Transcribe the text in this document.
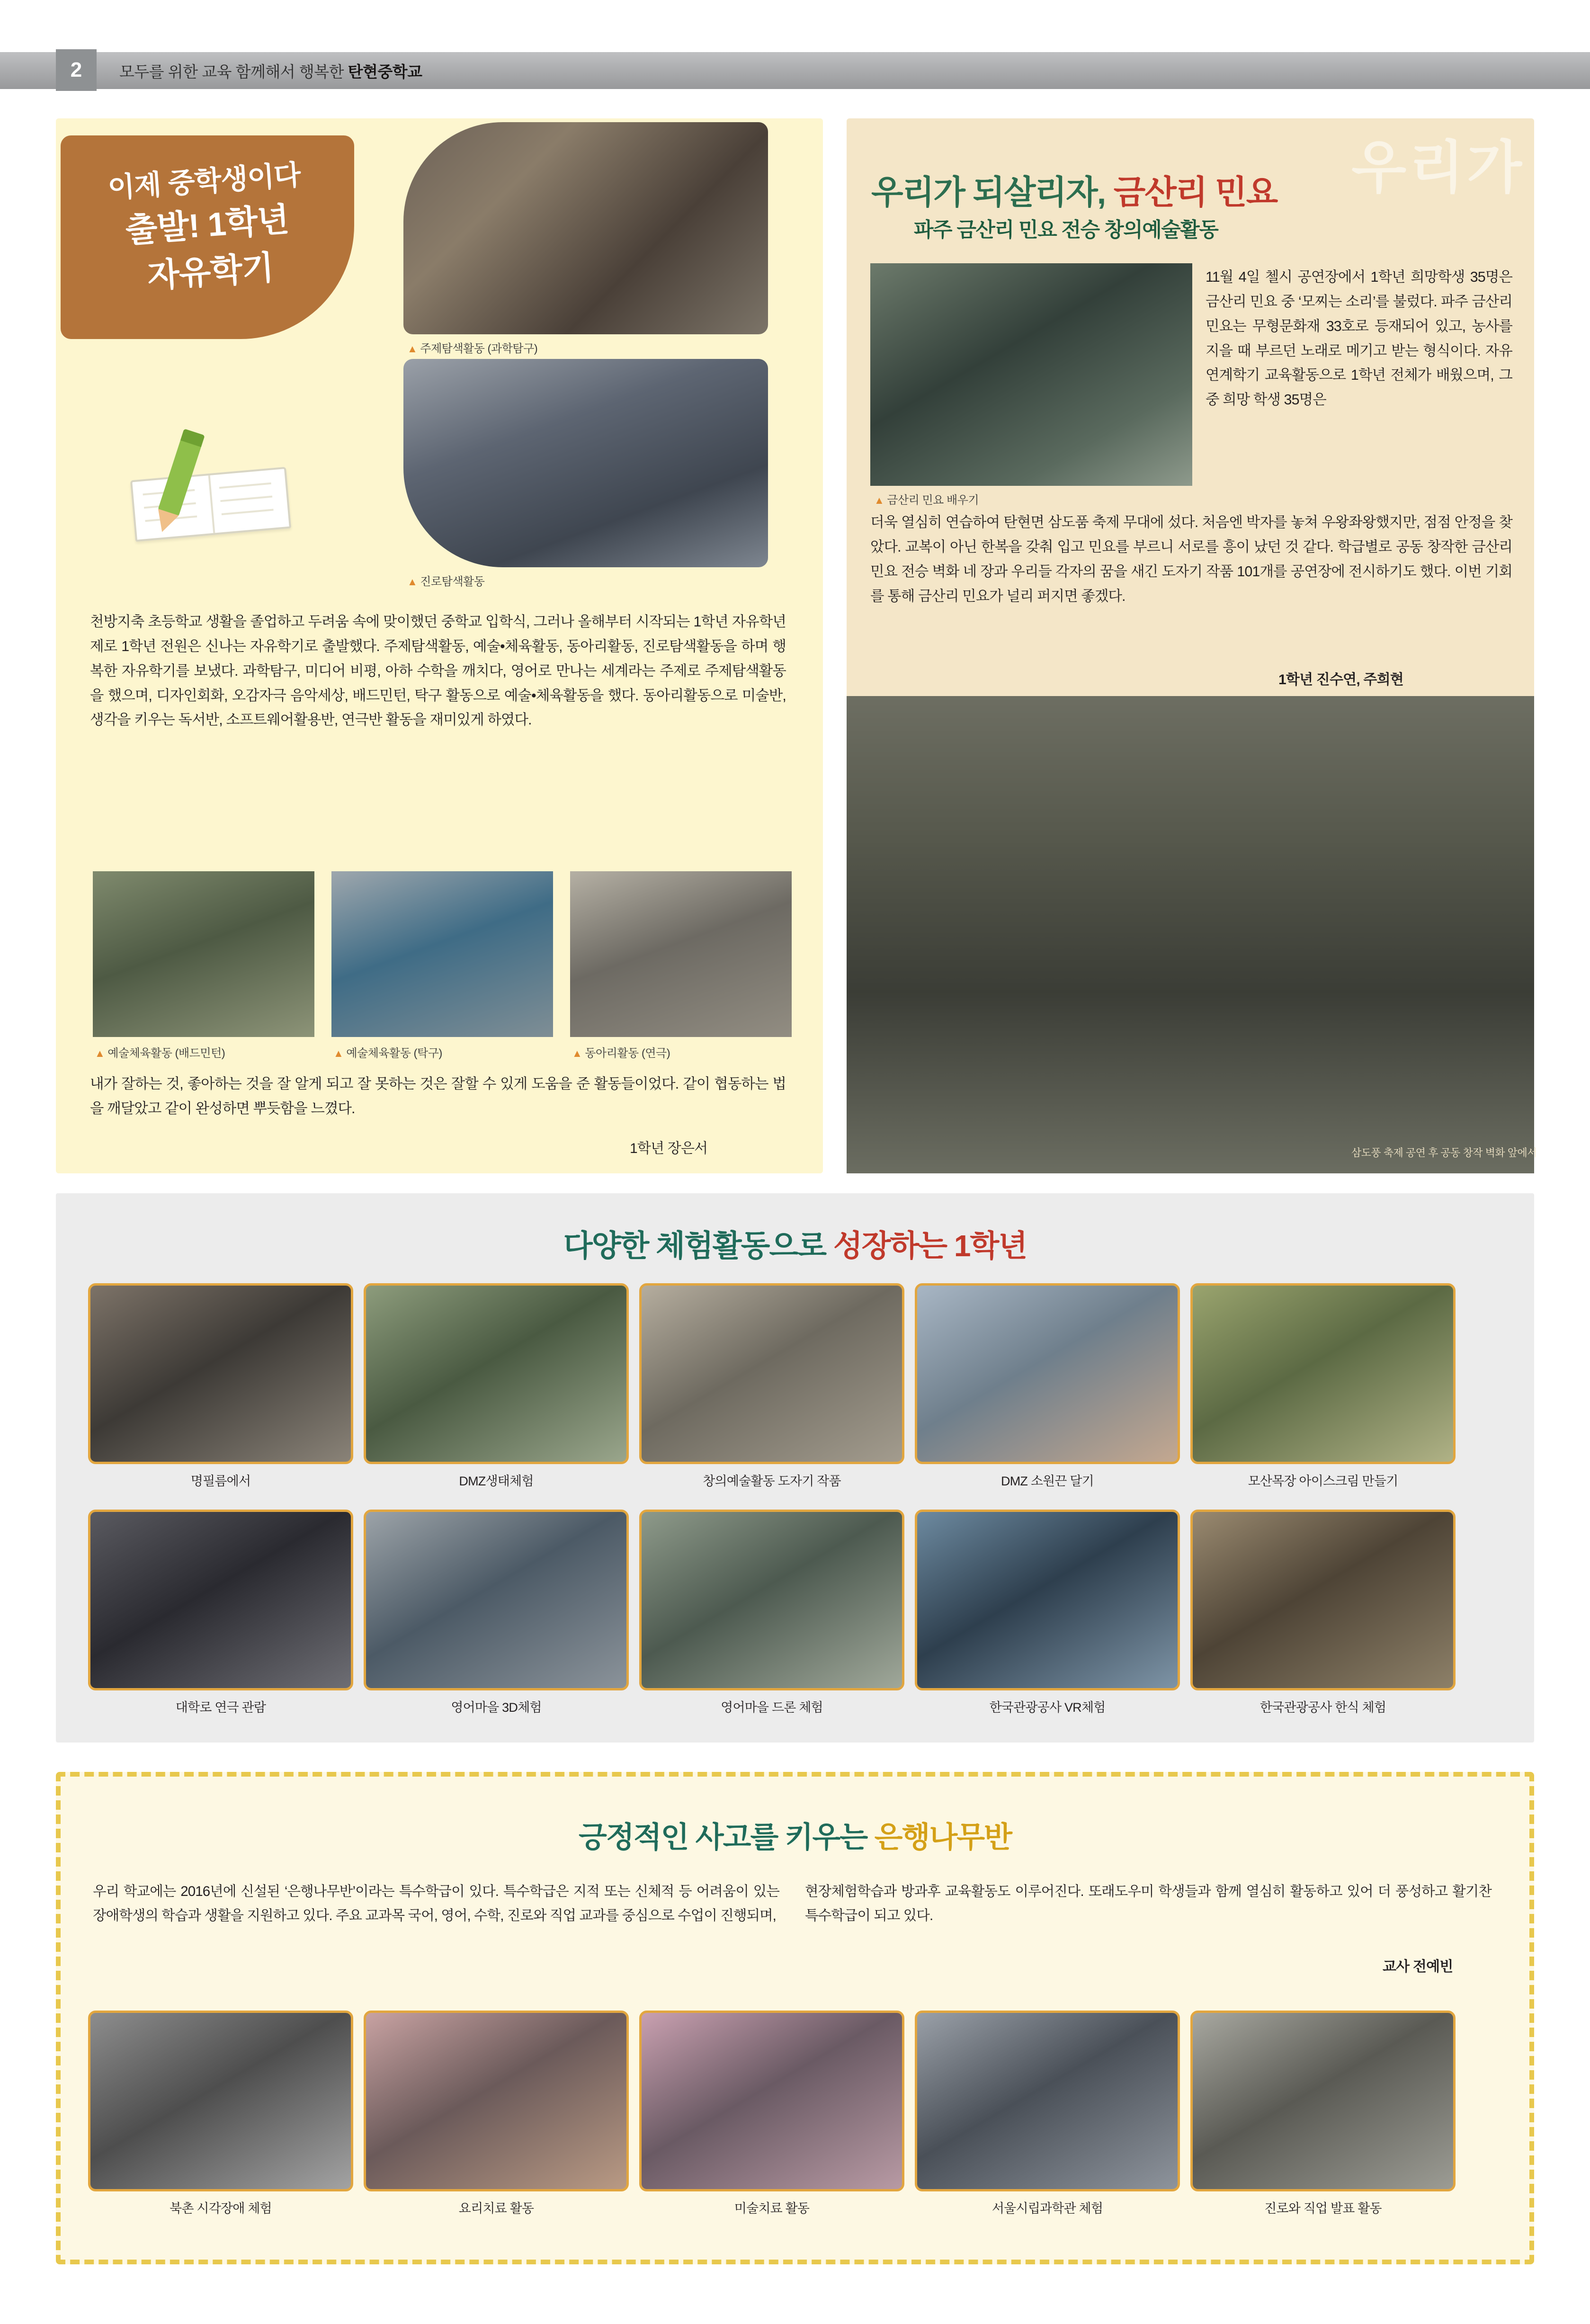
2	모두를 위한 교육 함께해서 행복한 탄현중학교
이제 중학생이다
출발! 1학년
자유학기
▲ 주제탐색활동 (과학탐구)
▲ 진로탐색활동
천방지축 초등학교 생활을 졸업하고 두려움 속에 맞이했던 중학교 입학식, 그러나 올해부터 시작되는 1학년 자유학년제로 1학년 전원은 신나는 자유학기로 출발했다. 주제탐색활동, 예술•체육활동, 동아리활동, 진로탐색활동을 하며 행복한 자유학기를 보냈다. 과학탐구, 미디어 비평, 아하 수학을 깨치다, 영어로 만나는 세계라는 주제로 주제탐색활동을 했으며, 디자인회화, 오감자극 음악세상, 배드민턴, 탁구 활동으로 예술•체육활동을 했다. 동아리활동으로 미술반, 생각을 키우는 독서반, 소프트웨어활용반, 연극반 활동을 재미있게 하였다.
▲ 예술체육활동 (배드민턴)	▲ 예술체육활동 (탁구)	▲ 동아리활동 (연극)
내가 잘하는 것, 좋아하는 것을 잘 알게 되고 잘 못하는 것은 잘할 수 있게 도움을 준 활동들이었다. 같이 협동하는 법을 깨달았고 같이 완성하면 뿌듯함을 느꼈다.
1학년 장은서
우리가
우리가 되살리자, 금산리 민요
파주 금산리 민요 전승 창의예술활동
▲ 금산리 민요 배우기
11월 4일 첼시 공연장에서 1학년 희망학생 35명은 금산리 민요 중 ‘모찌는 소리’를 불렀다. 파주 금산리 민요는 무형문화재 33호로 등재되어 있고, 농사를 지을 때 부르던 노래로 메기고 받는 형식이다. 자유연계학기 교육활동으로 1학년 전체가 배웠으며, 그 중 희망 학생 35명은
더욱 열심히 연습하여 탄현면 삼도품 축제 무대에 섰다. 처음엔 박자를 놓쳐 우왕좌왕했지만, 점점 안정을 찾았다. 교복이 아닌 한복을 갖춰 입고 민요를 부르니 서로를 흥이 났던 것 같다. 학급별로 공동 창작한 금산리 민요 전승 벽화 네 장과 우리들 각자의 꿈을 새긴 도자기 작품 101개를 공연장에 전시하기도 했다. 이번 기회를 통해 금산리 민요가 널리 퍼지면 좋겠다.
1학년 진수연, 주희현
삼도풍 축제 공연 후 공동 창작 벽화 앞에서
다양한 체험활동으로 성장하는 1학년
명필름에서	DMZ생태체험	창의예술활동 도자기 작품	DMZ 소원끈 달기	모산목장 아이스크림 만들기
대학로 연극 관람	영어마을 3D체험	영어마을 드론 체험	한국관광공사 VR체험	한국관광공사 한식 체험
긍정적인 사고를 키우는 은행나무반
우리 학교에는 2016년에 신설된 ‘은행나무반’이라는 특수학급이 있다. 특수학급은 지적 또는 신체적 등 어려움이 있는 장애학생의 학습과 생활을 지원하고 있다. 주요 교과목 국어, 영어, 수학, 진로와 직업 교과를 중심으로 수업이 진행되며,
현장체험학습과 방과후 교육활동도 이루어진다. 또래도우미 학생들과 함께 열심히 활동하고 있어 더 풍성하고 활기찬 특수학급이 되고 있다.
교사 전예빈
북촌 시각장애 체험	요리치료 활동	미술치료 활동	서울시립과학관 체험	진로와 직업 발표 활동
